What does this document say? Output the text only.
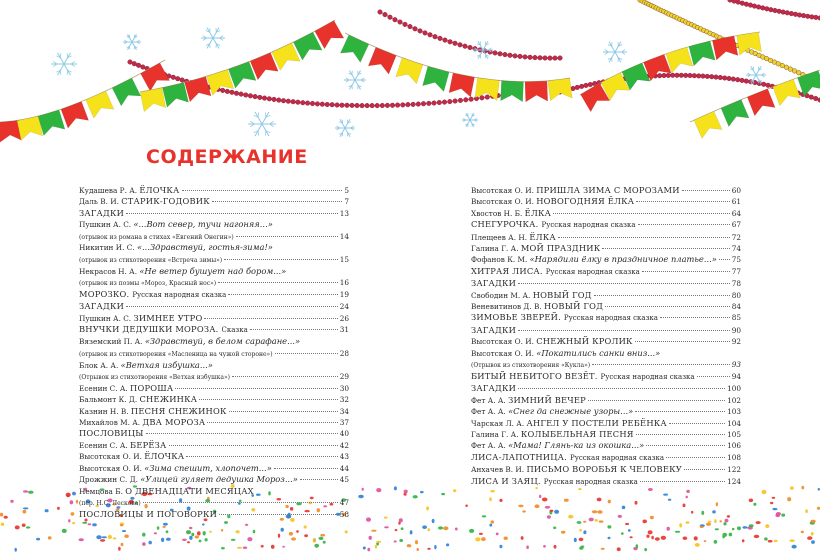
СОДЕРЖАНИЕ
Кудашева Р. А. ЁЛОЧКА	5
Даль В. И. СТАРИК-ГОДОВИК	7
ЗАГАДКИ	13
Пушкин А. С. «...Вот север, тучи нагоняя...»
(отрывок из романа в стихах «Евгений Онегин»)	14
Никитин И. С. «...Здравствуй, гостья-зима!»
(отрывок из стихотворения «Встреча зимы»)	15
Некрасов Н. А. «Не ветер бушует над бором...»
(отрывок из поэмы «Мороз, Красный нос»)	16
МОРОЗКО. Русская народная сказка	19
ЗАГАДКИ	24
Пушкин А. С. ЗИМНЕЕ УТРО	26
ВНУЧКИ ДЕДУШКИ МОРОЗА. Сказка	31
Вяземский П. А. «Здравствуй, в белом сарафане...»
(отрывок из стихотворения «Масленица на чужой стороне»)	28
Блок А. А. «Ветхая избушка...»
(Отрывок из стихотворения «Ветхая избушка»)	29
Есенин С. А. ПОРОША	30
Бальмонт К. Д. СНЕЖИНКА	32
Казнин Н. В. ПЕСНЯ СНЕЖИНОК	34
Михайлов М. А. ДВА МОРОЗА	37
ПОСЛОВИЦЫ	40
Есенин С. А. БЕРЁЗА	42
Высотская О. И. ЁЛОЧКА	43
Высотская О. И. «Зима спешит, хлопочет...»	44
Дрожжин С. Д. «Улицей гуляет дедушка Мороз...»	45
Немцова Б. О ДВЕНАДЦАТИ МЕСЯЦАХ
(пер. Н.С. Лескова)	47
ПОСЛОВИЦЫ И ПОГОВОРКИ	58
Высотская О. И. ПРИШЛА ЗИМА С МОРОЗАМИ	60
Высотская О. И. НОВОГОДНЯЯ ЁЛКА	61
Хвостов Н. Б. ЁЛКА	64
СНЕГУРОЧКА. Русская народная сказка	67
Плещеев А. Н. ЁЛКА	72
Галина Г. А. МОЙ ПРАЗДНИК	74
Фофанов К. М. «Нарядили ёлку в праздничное платье...» 75
ХИТРАЯ ЛИСА. Русская народная сказка	77
ЗАГАДКИ	78
Свободин М. А. НОВЫЙ ГОД	80
Веневитинов Д. В. НОВЫЙ ГОД	84
ЗИМОВЬЕ ЗВЕРЕЙ. Русская народная сказка	85
ЗАГАДКИ	90
Высотская О. И. СНЕЖНЫЙ КРОЛИК	92
Высотская О. И. «Покатились санки вниз...»
(Отрывок из стихотворения «Кукла»)	93
БИТЫЙ НЕБИТОГО ВЕЗЁТ. Русская народная сказка	94
ЗАГАДКИ	100
Фет А. А. ЗИМНИЙ ВЕЧЕР	102
Фет А. А. «Снег да снежные узоры...»	103
Чарская Л. А. АНГЕЛ У ПОСТЕЛИ РЕБЁНКА	104
Галина Г. А. КОЛЫБЕЛЬНАЯ ПЕСНЯ	105
Фет А. А. «Мама! Глянь-ка из окошка...»	106
ЛИСА-ЛАПОТНИЦА. Русская народная сказка	108
Анхачев В. И. ПИСЬМО ВОРОБЬЯ К ЧЕЛОВЕКУ	122
ЛИСА И ЗАЯЦ. Русская народная сказка	124
